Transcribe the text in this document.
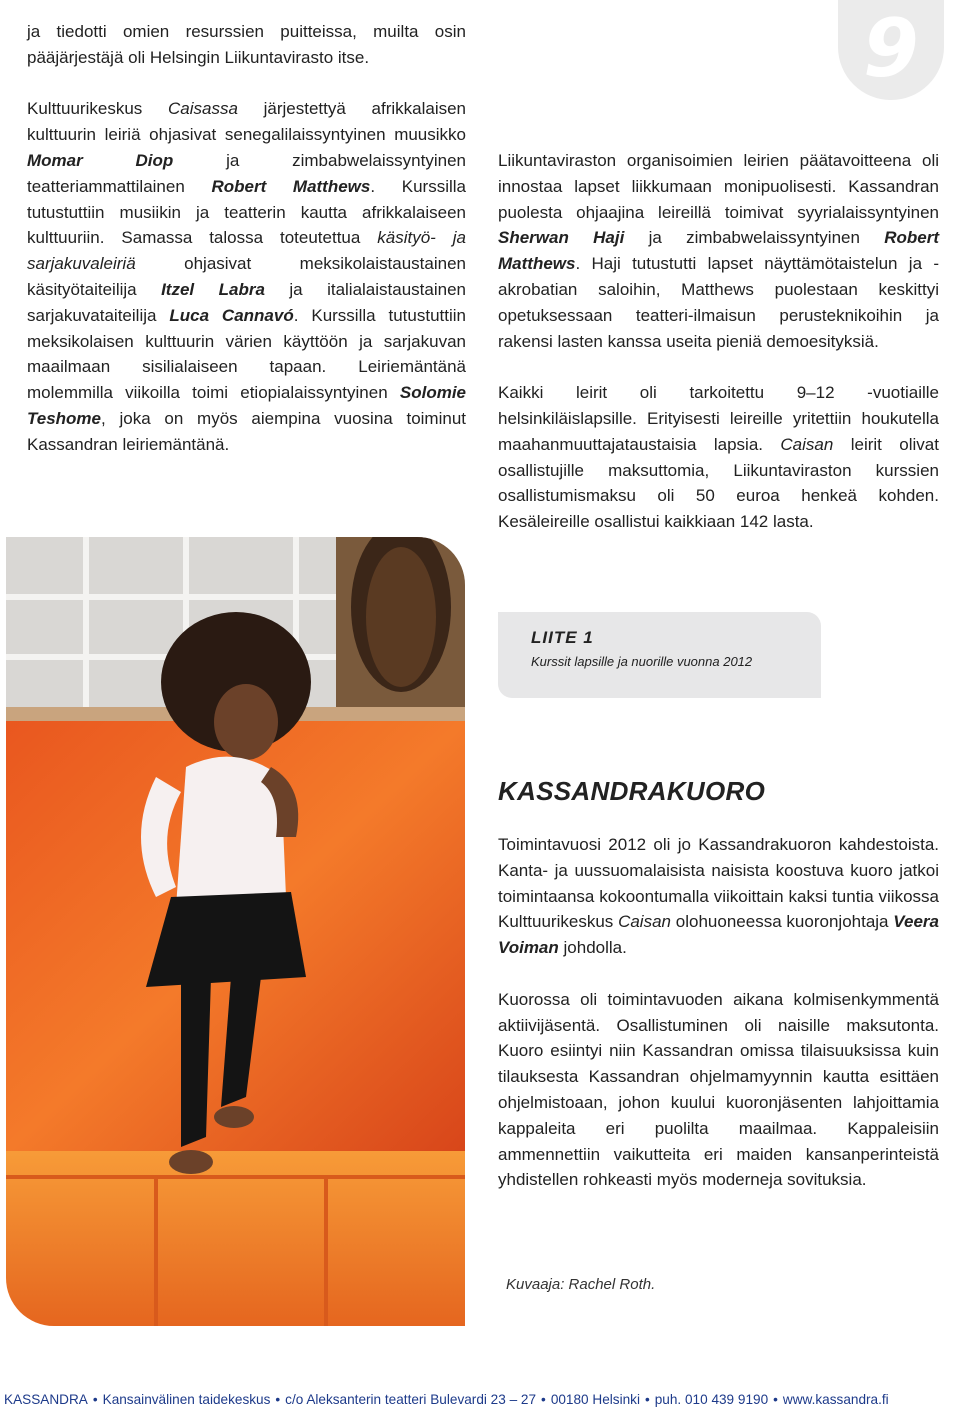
9

ja tiedotti omien resurssien puitteissa, muilta osin pääjärjestäjä oli Helsingin Liikuntavirasto itse.

Kulttuurikeskus Caisassa järjestettyä afrikkalaisen kulttuurin leiriä ohjasivat senegalilaissyntyinen muusikko Momar Diop ja zimbabwelaissyntyinen teatteriammattilainen Robert Matthews. Kurssilla tutustuttiin musiikin ja teatterin kautta afrikkalaiseen kulttuuriin. Samassa talossa toteutettua käsityö- ja sarjakuvaleiriä ohjasivat meksikolaistaustainen käsityötaiteilija Itzel Labra ja italialaistaustainen sarjakuvataiteilija Luca Cannavó. Kurssilla tutustuttiin meksikolaisen kulttuurin värien käyttöön ja sarjakuvan maailmaan sisilialaiseen tapaan. Leiriemäntänä molemmilla viikoilla toimi etiopialaissyntyinen Solomie Teshome, joka on myös aiempina vuosina toiminut Kassandran leiriemäntänä.

Liikuntaviraston organisoimien leirien päätavoitteena oli innostaa lapset liikkumaan monipuolisesti. Kassandran puolesta ohjaajina leireillä toimivat syyrialaissyntyinen Sherwan Haji ja zimbabwelaissyntyinen Robert Matthews. Haji tutustutti lapset näyttämötaistelun ja -akrobatian saloihin, Matthews puolestaan keskittyi opetuksessaan teatteri-ilmaisun perusteknikoihin ja rakensi lasten kanssa useita pieniä demoesityksiä.

Kaikki leirit oli tarkoitettu 9–12 -vuotiaille helsinkiläislapsille. Erityisesti leireille yritettiin houkutella maahanmuuttajataustaisia lapsia. Caisan leirit olivat osallistujille maksuttomia, Liikuntaviraston kurssien osallistumismaksu oli 50 euroa henkeä kohden. Kesäleireille osallistui kaikkiaan 142 lasta.

LIITE 1
Kurssit lapsille ja nuorille vuonna 2012
KASSANDRAKUORO

Toimintavuosi 2012 oli jo Kassandrakuoron kahdestoista. Kanta- ja uussuomalaisista naisista koostuva kuoro jatkoi toimintaansa kokoontumalla viikoittain kaksi tuntia viikossa Kulttuurikeskus Caisan olohuoneessa kuoronjohtaja Veera Voiman johdolla.

Kuorossa oli toimintavuoden aikana kolmisenkymmentä aktiivijäsentä. Osallistuminen oli naisille maksutonta. Kuoro esiintyi niin Kassandran omissa tilaisuuksissa kuin tilauksesta Kassandran ohjelmamyynnin kautta esittäen ohjelmistoaan, johon kuului kuoronjäsenten lahjoittamia kappaleita eri puolilta maailmaa. Kappaleisiin ammennettiin vaikutteita eri maiden kansanperinteistä yhdistellen rohkeasti myös moderneja sovituksia.

Kuvaaja: Rachel Roth.
KASSANDRA • Kansainvälinen taidekeskus • c/o Aleksanterin teatteri Bulevardi 23 – 27 • 00180 Helsinki • puh. 010 439 9190 • www.kassandra.fi
